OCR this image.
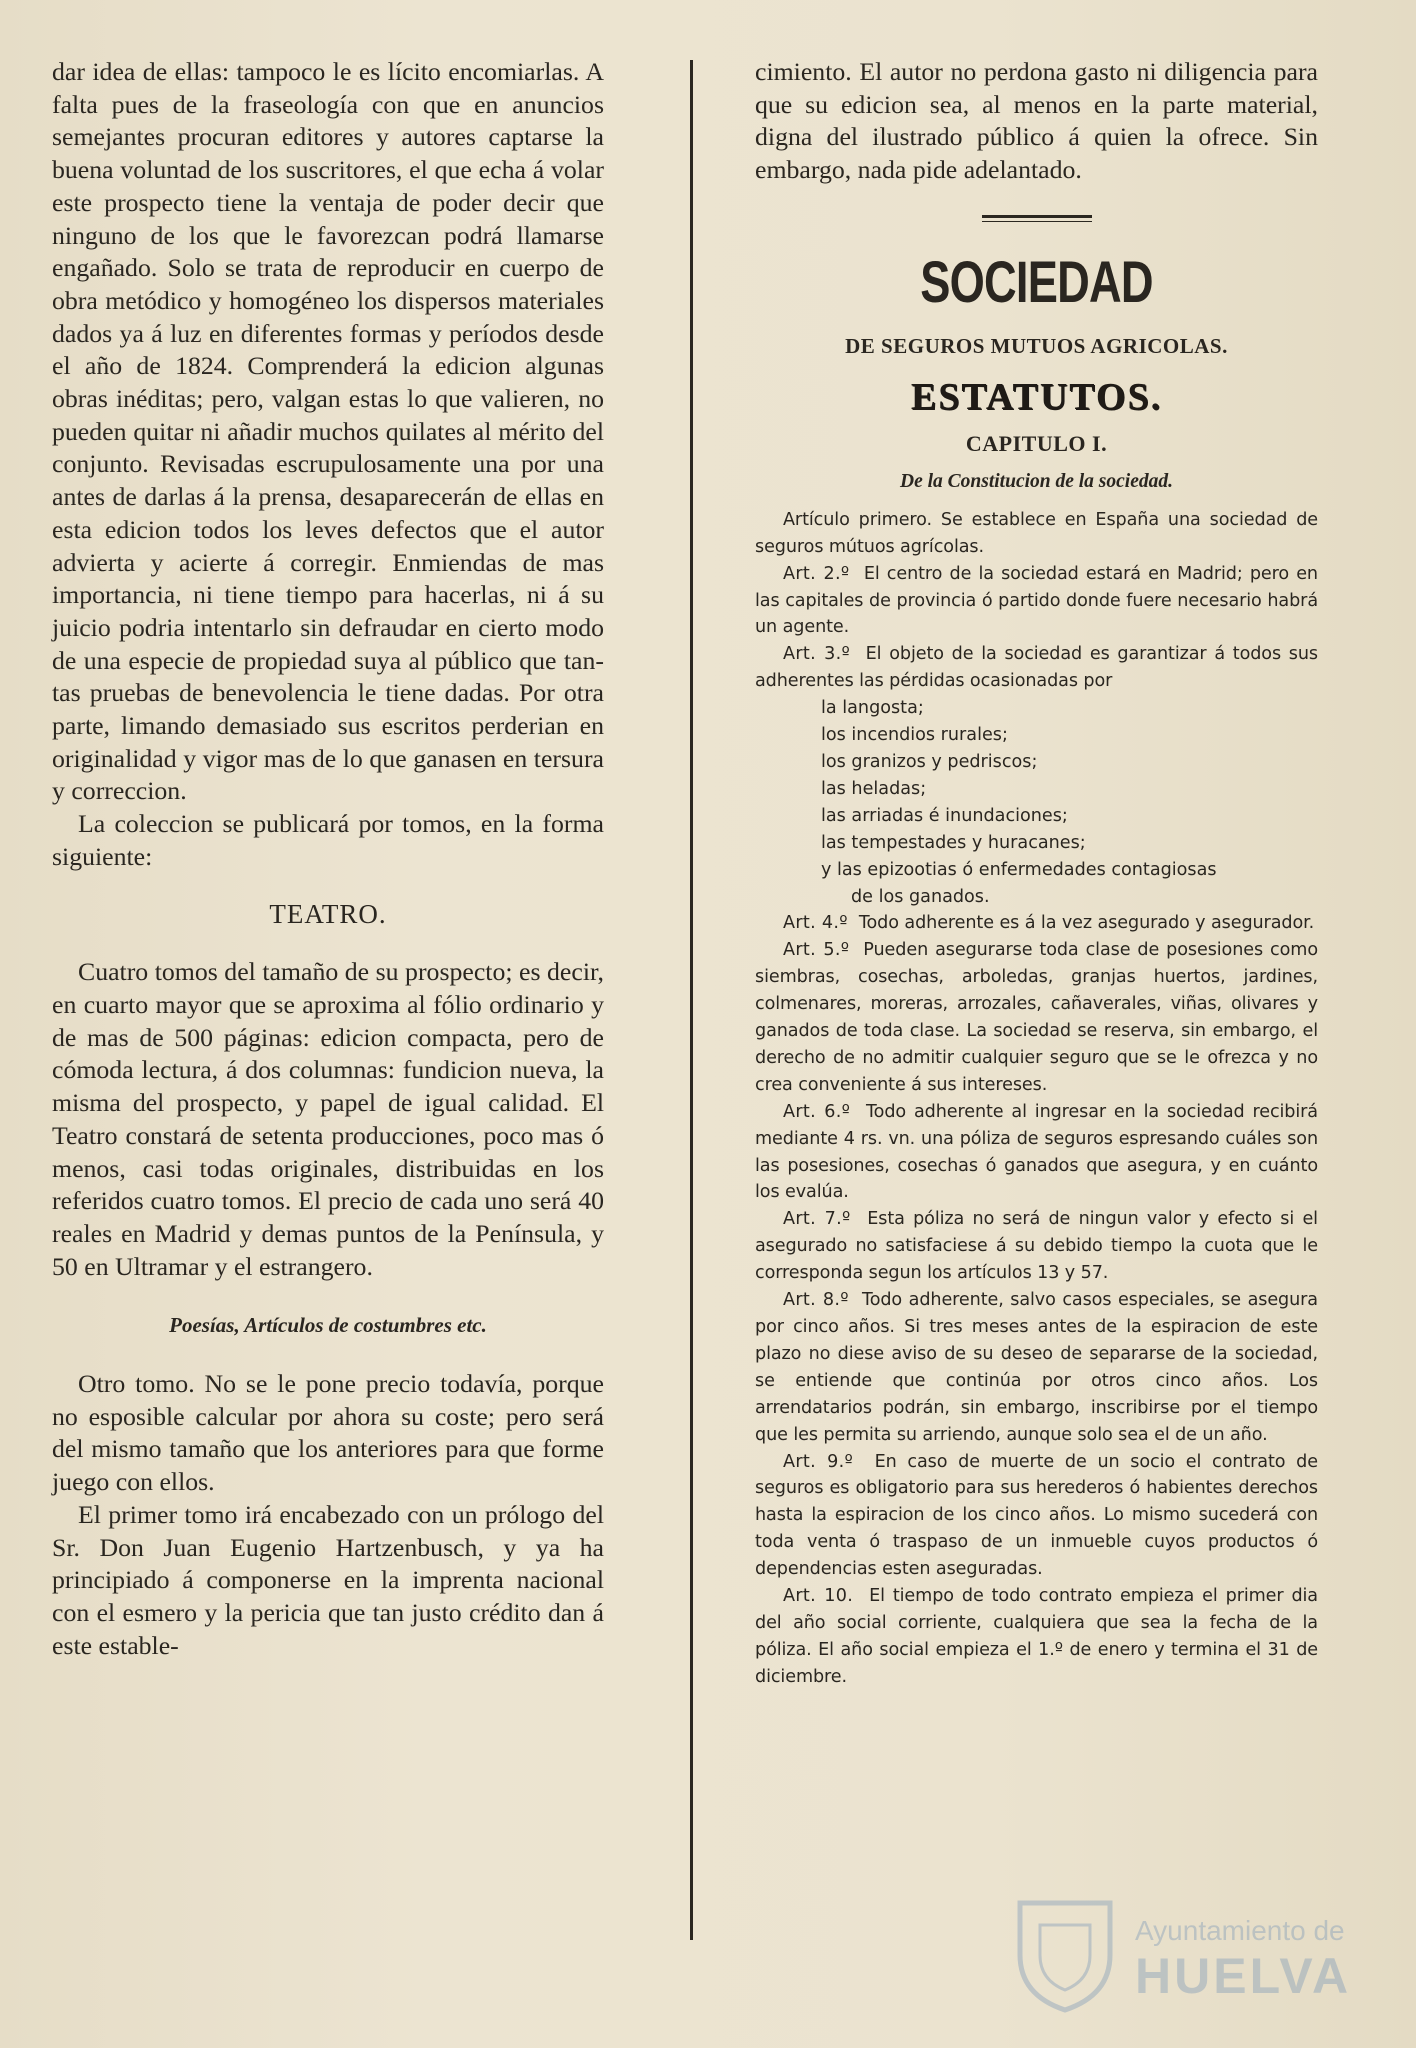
dar idea de ellas: tampoco le es lícito encomiarlas. A falta pues de la fraseología con que en anuncios semejantes procuran editores y autores captarse la buena voluntad de los suscritores, el que echa á volar este prospecto tiene la ventaja de poder decir que ninguno de los que le favorezcan podrá llamarse engañado. Solo se trata de reproducir en cuerpo de obra metódico y homogéneo los dispersos materiales dados ya á luz en diferentes formas y períodos desde el año de 1824. Comprenderá la edicion algunas obras inéditas; pero, valgan estas lo que valieren, no pueden quitar ni añadir muchos quilates al mérito del conjunto. Revisadas escrupulosamente una por una antes de darlas á la prensa, desaparecerán de ellas en esta edicion todos los leves defectos que el autor advierta y acierte á corregir. Enmiendas de mas importancia, ni tiene tiempo para hacerlas, ni á su juicio podria intentarlo sin defraudar en cierto modo de una especie de propiedad suya al público que tantas pruebas de benevolencia le tiene dadas. Por otra parte, limando demasiado sus escritos perderian en originalidad y vigor mas de lo que ganasen en tersura y correccion.

La coleccion se publicará por tomos, en la forma siguiente:

TEATRO.

Cuatro tomos del tamaño de su prospecto; es decir, en cuarto mayor que se aproxima al fólio ordinario y de mas de 500 páginas: edicion compacta, pero de cómoda lectura, á dos columnas: fundicion nueva, la misma del prospecto, y papel de igual calidad. El Teatro constará de setenta producciones, poco mas ó menos, casi todas originales, distribuidas en los referidos cuatro tomos. El precio de cada uno será 40 reales en Madrid y demas puntos de la Península, y 50 en Ultramar y el estrangero.

Poesías, Artículos de costumbres etc.

Otro tomo. No se le pone precio todavía, porque no esposible calcular por ahora su coste; pero será del mismo tamaño que los anteriores para que forme juego con ellos.

El primer tomo irá encabezado con un prólogo del Sr. Don Juan Eugenio Hartzenbusch, y ya ha principiado á componerse en la imprenta nacional con el esmero y la pericia que tan justo crédito dan á este estable-

cimiento. El autor no perdona gasto ni diligencia para que su edicion sea, al menos en la parte material, digna del ilustrado público á quien la ofrece. Sin embargo, nada pide adelantado.

SOCIEDAD
DE SEGUROS MUTUOS AGRICOLAS.
ESTATUTOS.
CAPITULO I.
De la Constitucion de la sociedad.

Artículo primero. Se establece en España una sociedad de seguros mútuos agrícolas.

Art. 2.º El centro de la sociedad estará en Madrid; pero en las capitales de provincia ó partido donde fuere necesario habrá un agente.

Art. 3.º El objeto de la sociedad es garantizar á todos sus adherentes las pérdidas ocasionadas por

la langosta;
los incendios rurales;
los granizos y pedriscos;
las heladas;
las arriadas é inundaciones;
las tempestades y huracanes;
y las epizootias ó enfermedades contagiosas
de los ganados.

Art. 4.º Todo adherente es á la vez asegurado y asegurador.

Art. 5.º Pueden asegurarse toda clase de posesiones como siembras, cosechas, arboledas, granjas huertos, jardines, colmenares, moreras, arrozales, cañaverales, viñas, olivares y ganados de toda clase. La sociedad se reserva, sin embargo, el derecho de no admitir cualquier seguro que se le ofrezca y no crea conveniente á sus intereses.

Art. 6.º Todo adherente al ingresar en la sociedad recibirá mediante 4 rs. vn. una póliza de seguros espresando cuáles son las posesiones, cosechas ó ganados que asegura, y en cuánto los evalúa.

Art. 7.º Esta póliza no será de ningun valor y efecto si el asegurado no satisfaciese á su debido tiempo la cuota que le corresponda segun los artículos 13 y 57.

Art. 8.º Todo adherente, salvo casos especiales, se asegura por cinco años. Si tres meses antes de la espiracion de este plazo no diese aviso de su deseo de separarse de la sociedad, se entiende que continúa por otros cinco años. Los arrendatarios podrán, sin embargo, inscribirse por el tiempo que les permita su arriendo, aunque solo sea el de un año.

Art. 9.º En caso de muerte de un socio el contrato de seguros es obligatorio para sus herederos ó habientes derechos hasta la espiracion de los cinco años. Lo mismo sucederá con toda venta ó traspaso de un inmueble cuyos productos ó dependencias esten aseguradas.

Art. 10. El tiempo de todo contrato empieza el primer dia del año social corriente, cualquiera que sea la fecha de la póliza. El año social empieza el 1.º de enero y termina el 31 de diciembre.

Ayuntamiento de
HUELVA
